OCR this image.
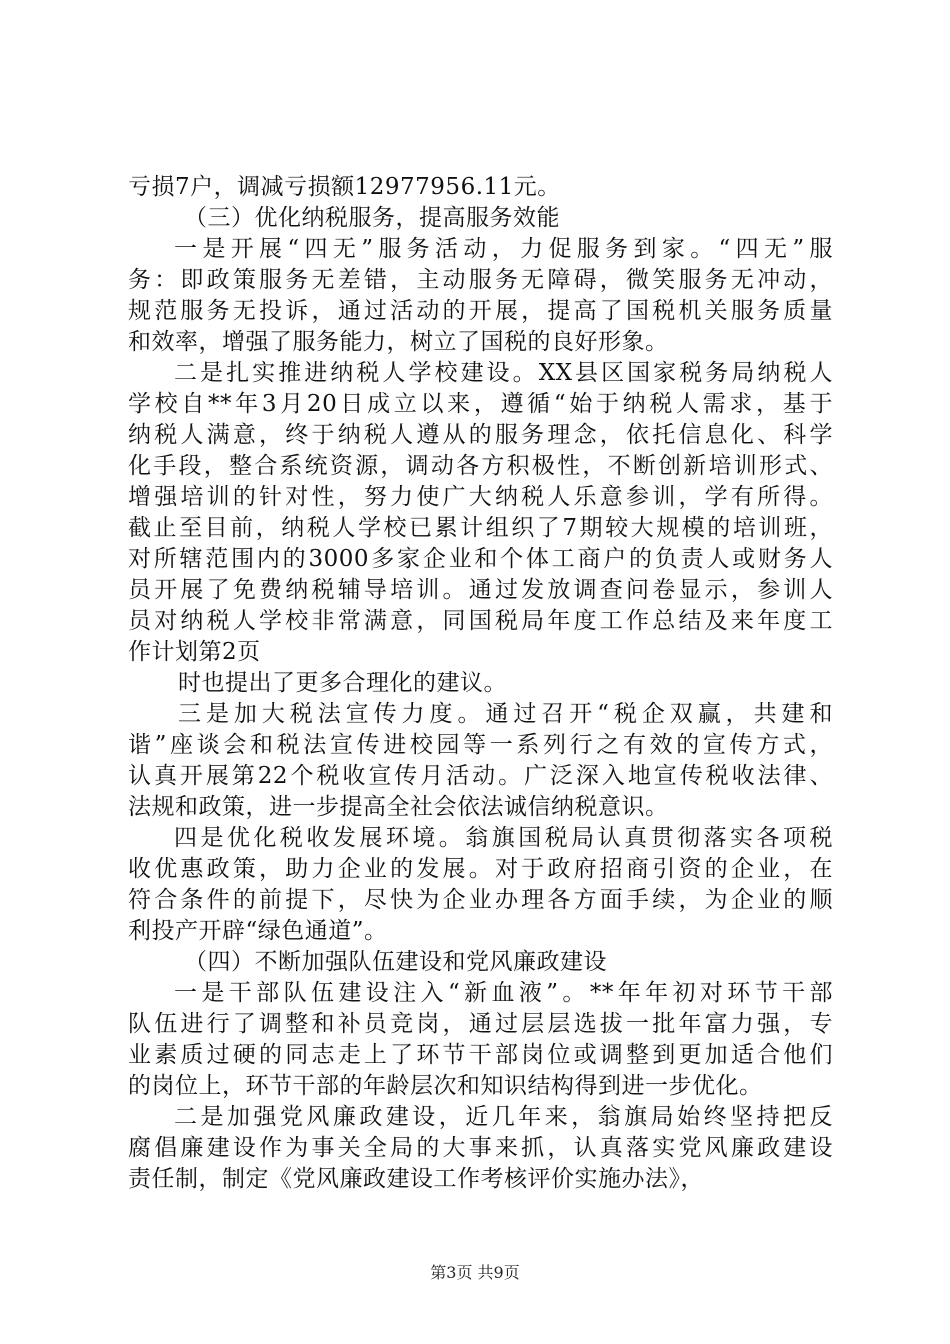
亏损7户，调减亏损额12977956.11元。
（三）优化纳税服务，提高服务效能
一是开展“四无”服务活动，力促服务到家。“四无”服
务：即政策服务无差错，主动服务无障碍，微笑服务无冲动，
规范服务无投诉，通过活动的开展，提高了国税机关服务质量
和效率，增强了服务能力，树立了国税的良好形象。
二是扎实推进纳税人学校建设。XX县区国家税务局纳税人
学校自**年3月20日成立以来，遵循“始于纳税人需求，基于
纳税人满意，终于纳税人遵从的服务理念，依托信息化、科学
化手段，整合系统资源，调动各方积极性，不断创新培训形式、
增强培训的针对性，努力使广大纳税人乐意参训，学有所得。
截止至目前，纳税人学校已累计组织了7期较大规模的培训班，
对所辖范围内的3000多家企业和个体工商户的负责人或财务人
员开展了免费纳税辅导培训。通过发放调查问卷显示，参训人
员对纳税人学校非常满意，同国税局年度工作总结及来年度工
作计划第2页
时也提出了更多合理化的建议。
三是加大税法宣传力度。通过召开“税企双赢，共建和
谐”座谈会和税法宣传进校园等一系列行之有效的宣传方式，
认真开展第22个税收宣传月活动。广泛深入地宣传税收法律、
法规和政策，进一步提高全社会依法诚信纳税意识。
四是优化税收发展环境。翁旗国税局认真贯彻落实各项税
收优惠政策，助力企业的发展。对于政府招商引资的企业，在
符合条件的前提下，尽快为企业办理各方面手续，为企业的顺
利投产开辟“绿色通道”。
（四）不断加强队伍建设和党风廉政建设
一是干部队伍建设注入“新血液”。**年年初对环节干部
队伍进行了调整和补员竞岗，通过层层选拔一批年富力强，专
业素质过硬的同志走上了环节干部岗位或调整到更加适合他们
的岗位上，环节干部的年龄层次和知识结构得到进一步优化。
二是加强党风廉政建设，近几年来，翁旗局始终坚持把反
腐倡廉建设作为事关全局的大事来抓，认真落实党风廉政建设
责任制，制定《党风廉政建设工作考核评价实施办法》，
第3页 共9页
